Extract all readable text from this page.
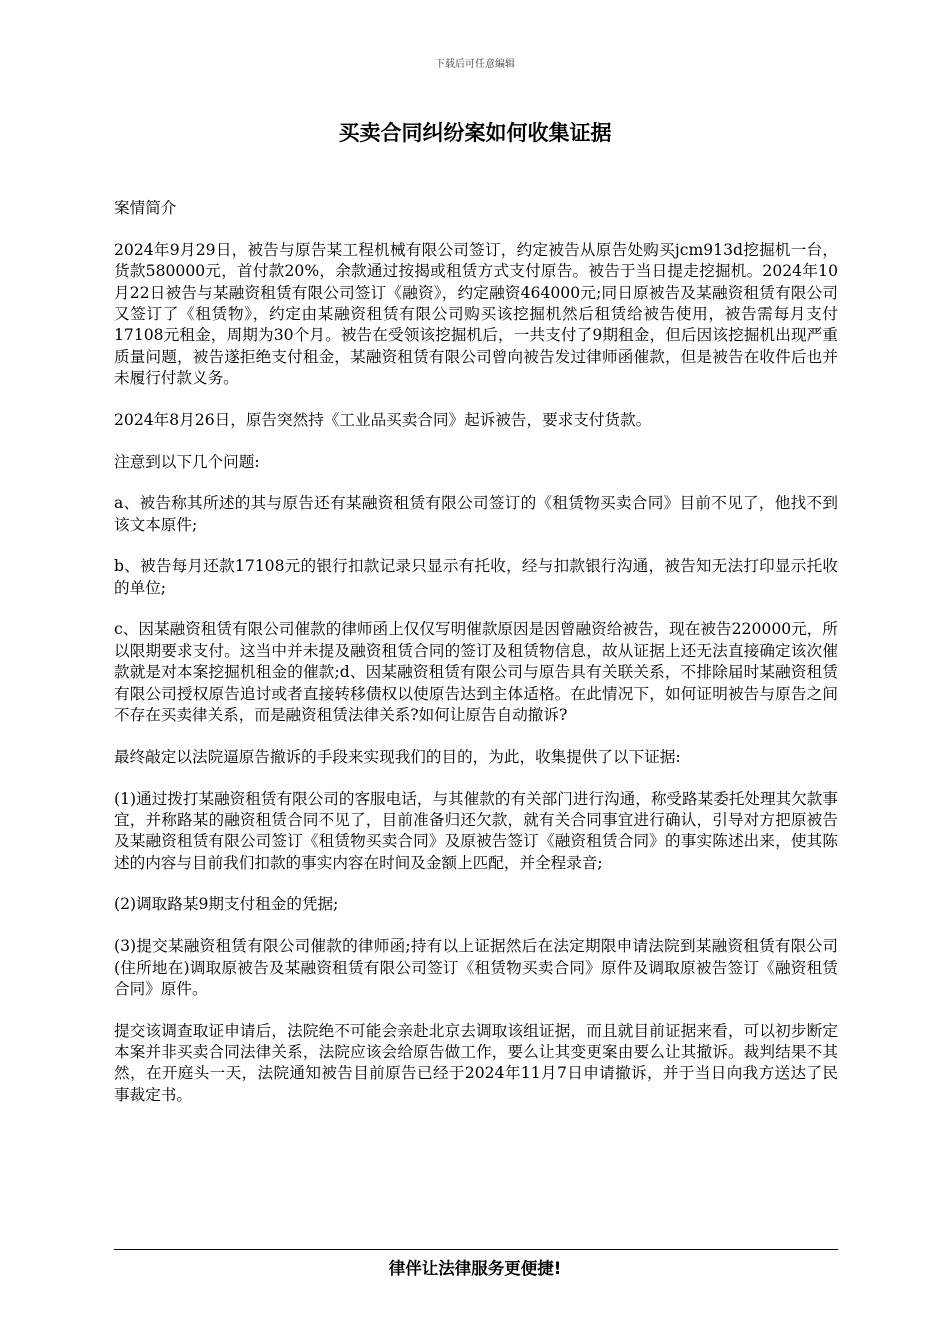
下载后可任意编辑
买卖合同纠纷案如何收集证据

案情简介

2024年9月29日，被告与原告某工程机械有限公司签订，约定被告从原告处购买jcm913d挖掘机一台，货款580000元，首付款20%，余款通过按揭或租赁方式支付原告。被告于当日提走挖掘机。2024年10月22日被告与某融资租赁有限公司签订《融资》，约定融资464000元;同日原被告及某融资租赁有限公司又签订了《租赁物》，约定由某融资租赁有限公司购买该挖掘机然后租赁给被告使用，被告需每月支付17108元租金，周期为30个月。被告在受领该挖掘机后，一共支付了9期租金，但后因该挖掘机出现严重质量问题，被告遂拒绝支付租金，某融资租赁有限公司曾向被告发过律师函催款，但是被告在收件后也并未履行付款义务。

2024年8月26日，原告突然持《工业品买卖合同》起诉被告，要求支付货款。

注意到以下几个问题:

a、被告称其所述的其与原告还有某融资租赁有限公司签订的《租赁物买卖合同》目前不见了，他找不到该文本原件;

b、被告每月还款17108元的银行扣款记录只显示有托收，经与扣款银行沟通，被告知无法打印显示托收的单位;

c、因某融资租赁有限公司催款的律师函上仅仅写明催款原因是因曾融资给被告，现在被告220000元，所以限期要求支付。这当中并未提及融资租赁合同的签订及租赁物信息，故从证据上还无法直接确定该次催款就是对本案挖掘机租金的催款;d、因某融资租赁有限公司与原告具有关联关系，不排除届时某融资租赁有限公司授权原告追讨或者直接转移债权以使原告达到主体适格。在此情况下，如何证明被告与原告之间不存在买卖律关系，而是融资租赁法律关系?如何让原告自动撤诉?

最终敲定以法院逼原告撤诉的手段来实现我们的目的，为此，收集提供了以下证据:

(1)通过拨打某融资租赁有限公司的客服电话，与其催款的有关部门进行沟通，称受路某委托处理其欠款事宜，并称路某的融资租赁合同不见了，目前准备归还欠款，就有关合同事宜进行确认，引导对方把原被告及某融资租赁有限公司签订《租赁物买卖合同》及原被告签订《融资租赁合同》的事实陈述出来，使其陈述的内容与目前我们扣款的事实内容在时间及金额上匹配，并全程录音;

(2)调取路某9期支付租金的凭据;

(3)提交某融资租赁有限公司催款的律师函;持有以上证据然后在法定期限申请法院到某融资租赁有限公司(住所地在)调取原被告及某融资租赁有限公司签订《租赁物买卖合同》原件及调取原被告签订《融资租赁合同》原件。

提交该调查取证申请后，法院绝不可能会亲赴北京去调取该组证据，而且就目前证据来看，可以初步断定本案并非买卖合同法律关系，法院应该会给原告做工作，要么让其变更案由要么让其撤诉。裁判结果不其然，在开庭头一天，法院通知被告目前原告已经于2024年11月7日申请撤诉，并于当日向我方送达了民事裁定书。

律伴让法律服务更便捷!
